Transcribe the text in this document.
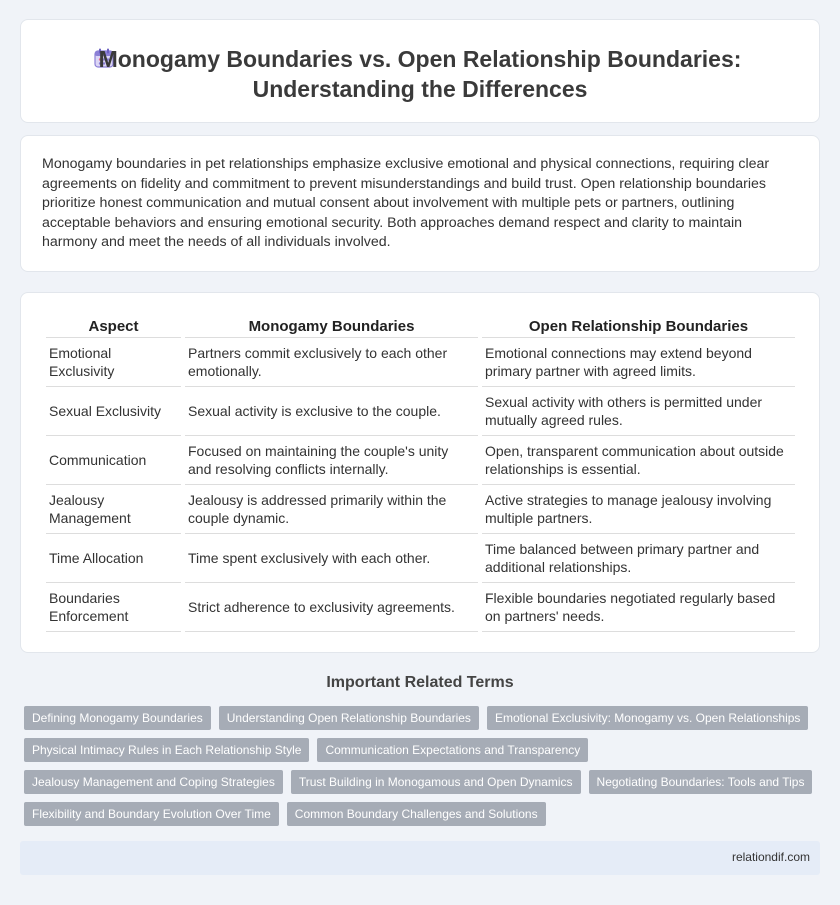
Monogamy Boundaries vs. Open Relationship Boundaries:
Understanding the Differences

Monogamy boundaries in pet relationships emphasize exclusive emotional and physical connections, requiring clear agreements on fidelity and commitment to prevent misunderstandings and build trust. Open relationship boundaries prioritize honest communication and mutual consent about involvement with multiple pets or partners, outlining acceptable behaviors and ensuring emotional security. Both approaches demand respect and clarity to maintain harmony and meet the needs of all individuals involved.

Aspect	Monogamy Boundaries	Open Relationship Boundaries
Emotional Exclusivity	Partners commit exclusively to each other emotionally.	Emotional connections may extend beyond primary partner with agreed limits.
Sexual Exclusivity	Sexual activity is exclusive to the couple.	Sexual activity with others is permitted under mutually agreed rules.
Communication	Focused on maintaining the couple's unity and resolving conflicts internally.	Open, transparent communication about outside relationships is essential.
Jealousy Management	Jealousy is addressed primarily within the couple dynamic.	Active strategies to manage jealousy involving multiple partners.
Time Allocation	Time spent exclusively with each other.	Time balanced between primary partner and additional relationships.
Boundaries Enforcement	Strict adherence to exclusivity agreements.	Flexible boundaries negotiated regularly based on partners' needs.
Important Related Terms
Defining Monogamy Boundaries	Understanding Open Relationship Boundaries	Emotional Exclusivity: Monogamy vs. Open Relationships
Physical Intimacy Rules in Each Relationship Style	Communication Expectations and Transparency
Jealousy Management and Coping Strategies	Trust Building in Monogamous and Open Dynamics	Negotiating Boundaries: Tools and Tips
Flexibility and Boundary Evolution Over Time	Common Boundary Challenges and Solutions
relationdif.com
